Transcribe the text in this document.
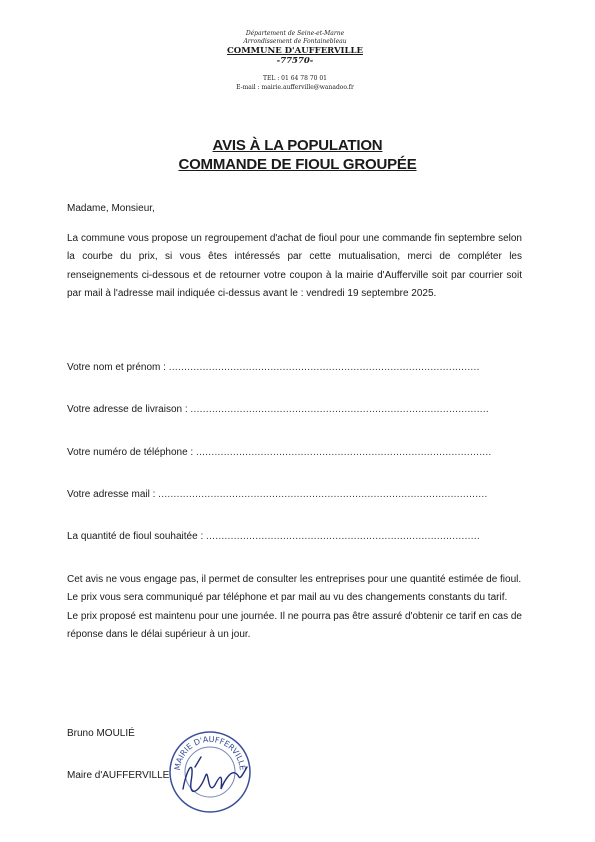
Département de Seine-et-Marne
Arrondissement de Fontainebleau
COMMUNE D'AUFFERVILLE
-77570-
TEL : 01 64 78 70 01
E-mail : mairie.aufferville@wanadoo.fr
AVIS À LA POPULATION
COMMANDE DE FIOUL GROUPÉE
Madame, Monsieur,
La commune vous propose un regroupement d'achat de fioul pour une commande fin septembre selon la courbe du prix, si vous êtes intéressés par cette mutualisation, merci de compléter les renseignements ci-dessous et de retourner votre coupon à la mairie d'Aufferville soit par courrier soit par mail à l'adresse mail indiquée ci-dessus avant le : vendredi 19 septembre 2025.
Votre nom et prénom :
.....................................................................................................
Votre adresse de livraison :
.................................................................................................
Votre numéro de téléphone :
................................................................................................
Votre adresse mail :
...........................................................................................................
La quantité de fioul souhaitée :
.........................................................................................

Cet avis ne vous engage pas, il permet de consulter les entreprises pour une quantité estimée de fioul.

Le prix vous sera communiqué par téléphone et par mail au vu des changements constants du tarif.

Le prix proposé est maintenu pour une journée. Il ne pourra pas être assuré d'obtenir ce tarif en cas de réponse dans le délai supérieur à un jour.

Bruno MOULIÉ
Maire d'AUFFERVILLE
MAIRIE D'AUFFERVILLE
